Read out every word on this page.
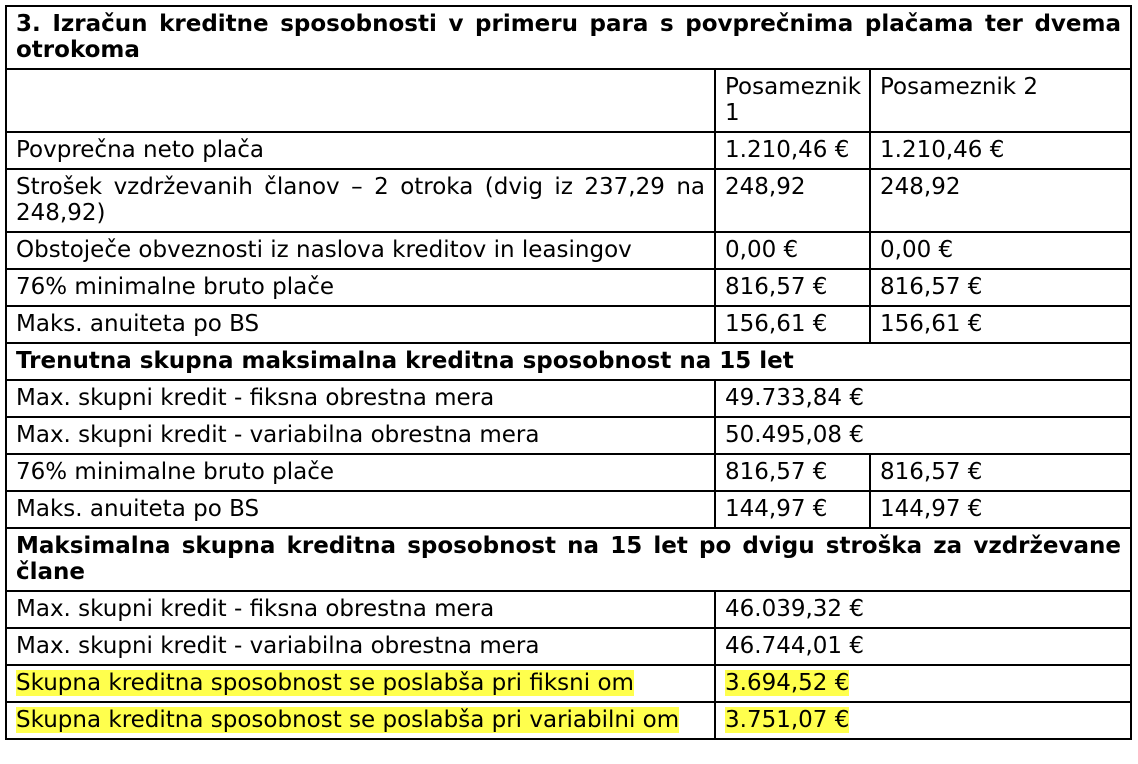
3. Izračun kreditne sposobnosti v primeru para s povprečnima plačama ter dvema otrokoma		
	Posameznik 1	Posameznik 2
Povprečna neto plača	1.210,46 €	1.210,46 €
Strošek vzdrževanih članov – 2 otroka (dvig iz 237,29 na 248,92)	248,92	248,92
Obstoječe obveznosti iz naslova kreditov in leasingov	0,00 €	0,00 €
76% minimalne bruto plače	816,57 €	816,57 €
Maks. anuiteta po BS	156,61 €	156,61 €
Trenutna skupna maksimalna kreditna sposobnost na 15 let		
Max. skupni kredit - fiksna obrestna mera	49.733,84 €	
Max. skupni kredit - variabilna obrestna mera	50.495,08 €	
76% minimalne bruto plače	816,57 €	816,57 €
Maks. anuiteta po BS	144,97 €	144,97 €
Maksimalna skupna kreditna sposobnost na 15 let po dvigu stroška za vzdrževane člane		
Max. skupni kredit - fiksna obrestna mera	46.039,32 €	
Max. skupni kredit - variabilna obrestna mera	46.744,01 €	
Skupna kreditna sposobnost se poslabša pri fiksni om	3.694,52 €	
Skupna kreditna sposobnost se poslabša pri variabilni om	3.751,07 €	
